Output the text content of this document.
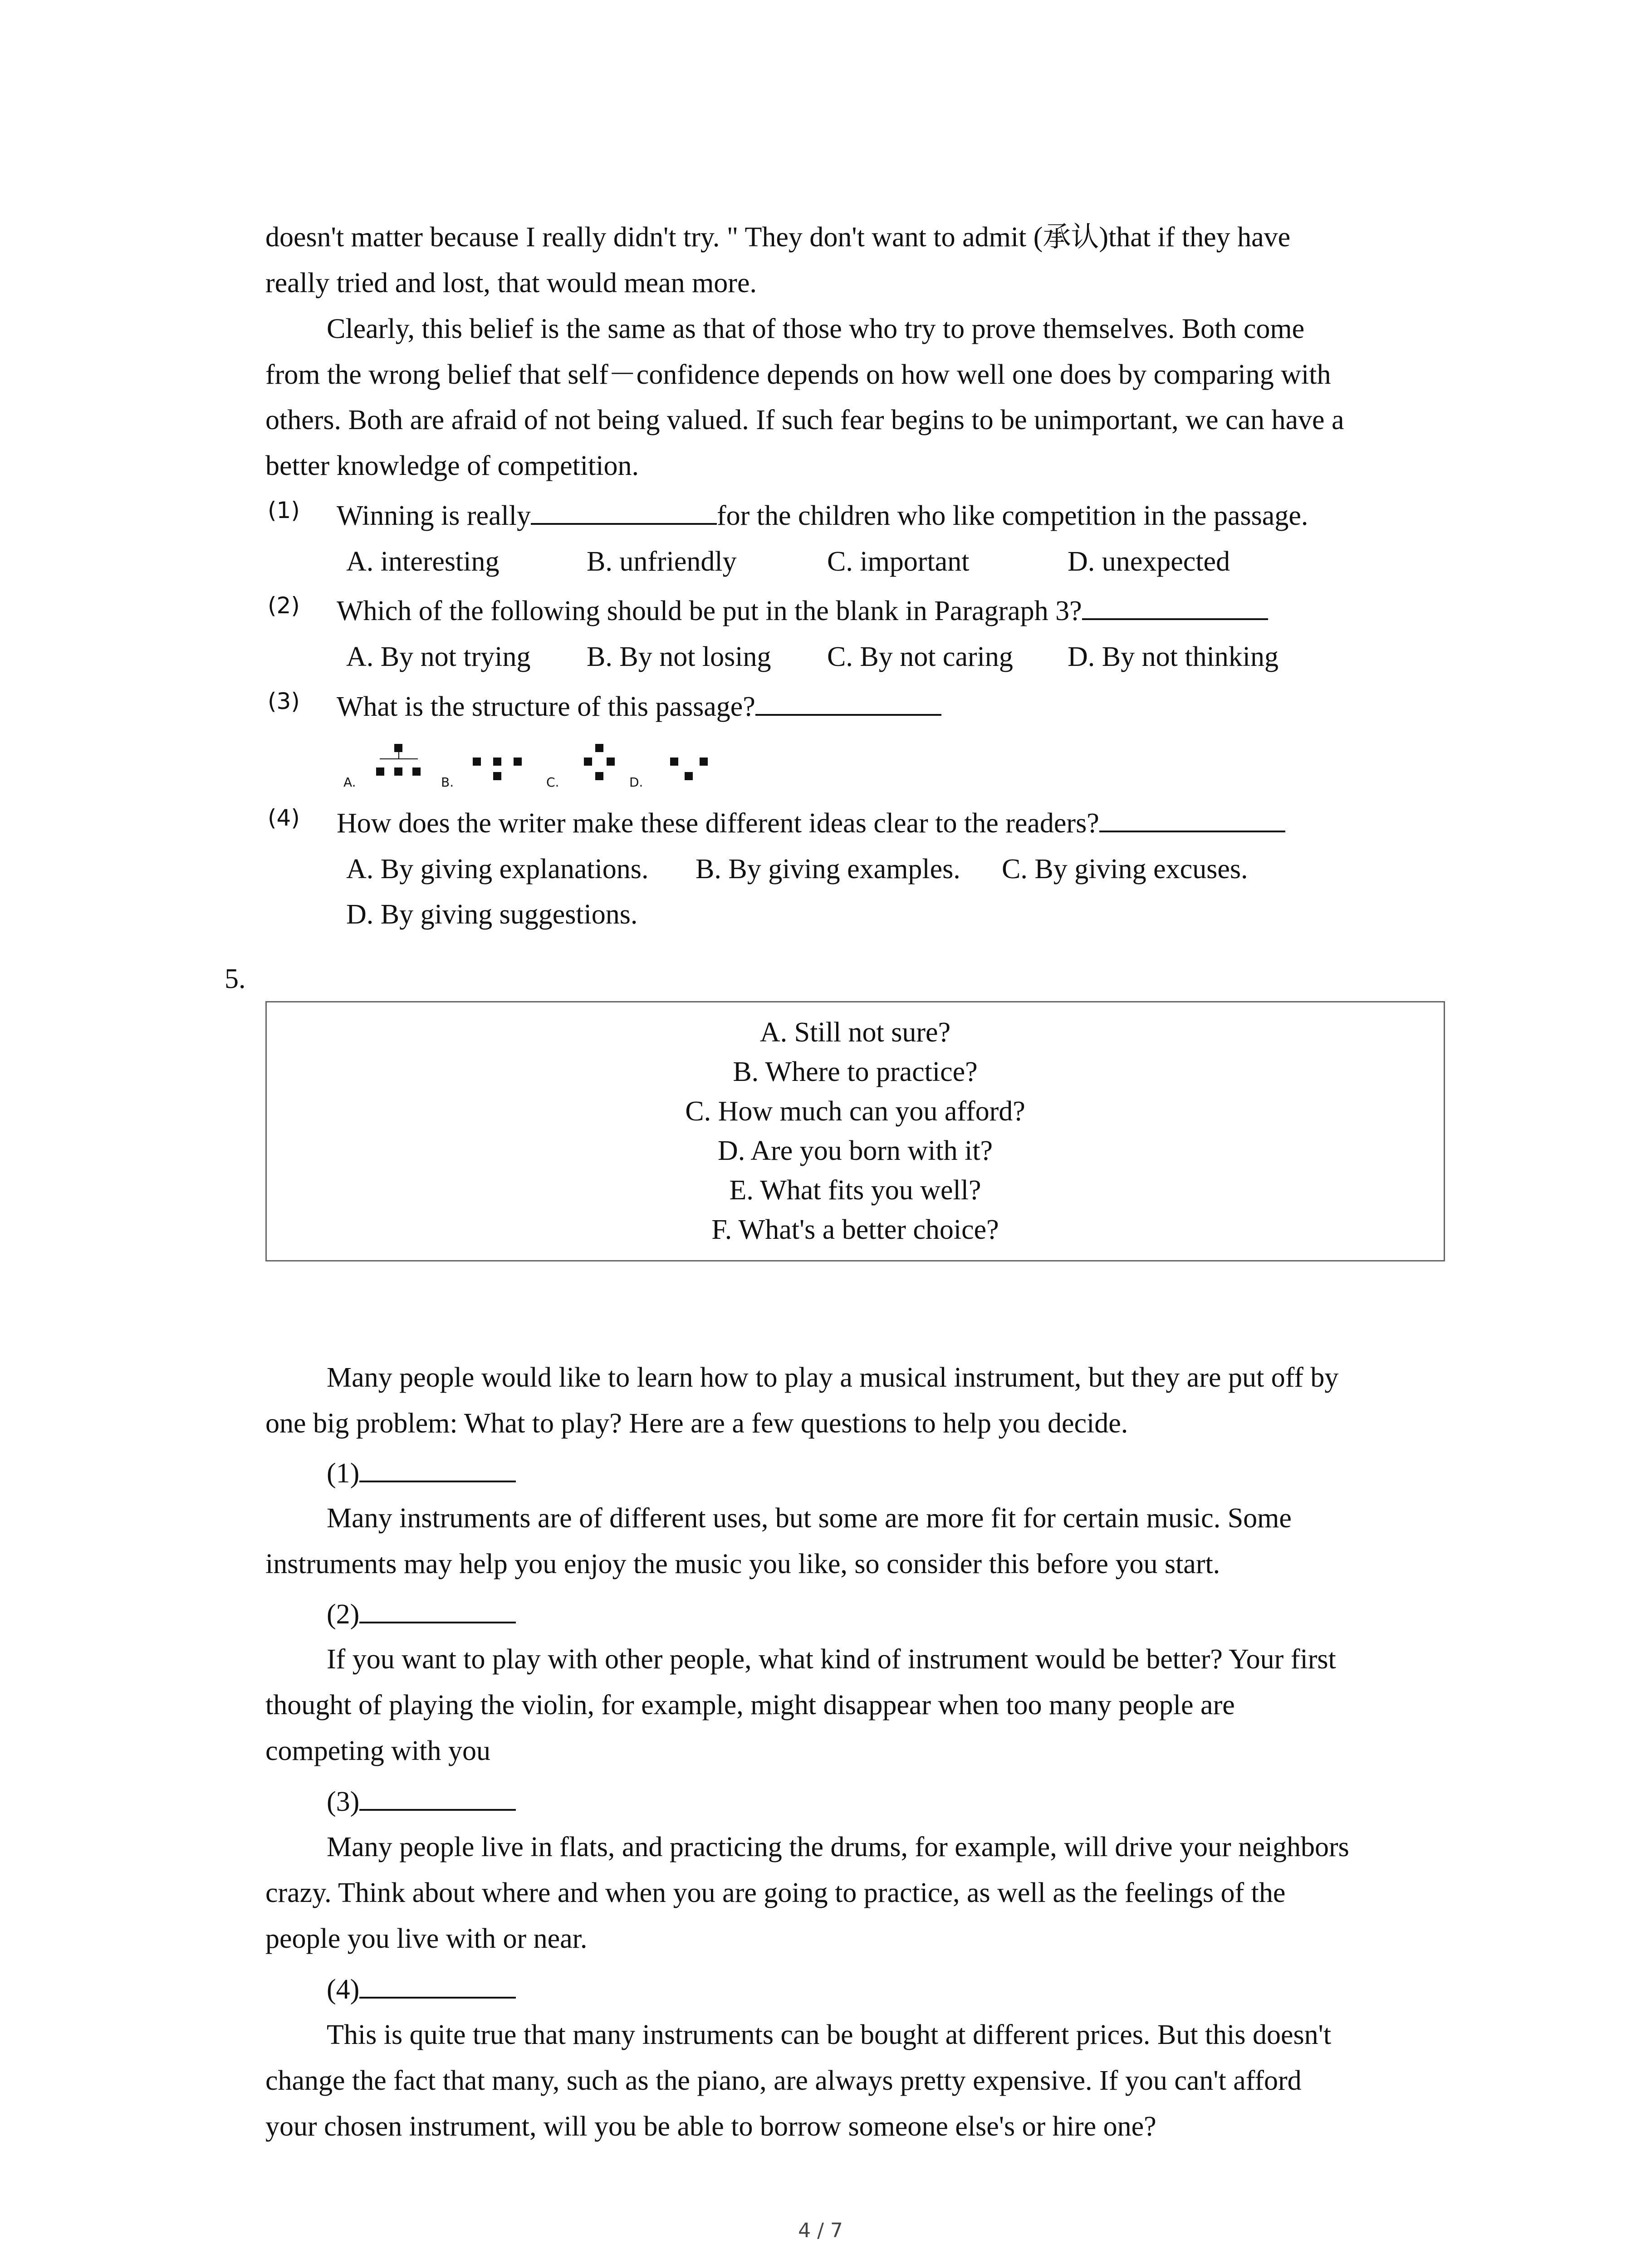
doesn't matter because I really didn't try. " They don't want to admit (承认)that if they have
really tried and lost, that would mean more.
Clearly, this belief is the same as that of those who try to prove themselves. Both come
from the wrong belief that self－confidence depends on how well one does by comparing with
others. Both are afraid of not being valued. If such fear begins to be unimportant, we can have a
better knowledge of competition.
(1) Winning is really	for the children who like competition in the passage.
A. interesting	B. unfriendly	C. important	D. unexpected
(2) Which of the following should be put in the blank in Paragraph 3?
A. By not trying B. By not losing C. By not caring D. By not thinking
(3) What is the structure of this passage?
A.	B.	C.	D.
(4) How does the writer make these different ideas clear to the readers?
A. By giving explanations. B. By giving examples. C. By giving excuses.
D. By giving suggestions.
5.
A. Still not sure?
B. Where to practice?
C. How much can you afford?
D. Are you born with it?
E. What fits you well?
F. What's a better choice?
Many people would like to learn how to play a musical instrument, but they are put off by
one big problem: What to play? Here are a few questions to help you decide.
(1)
Many instruments are of different uses, but some are more fit for certain music. Some
instruments may help you enjoy the music you like, so consider this before you start.
(2)
If you want to play with other people, what kind of instrument would be better? Your first
thought of playing the violin, for example, might disappear when too many people are
competing with you
(3)
Many people live in flats, and practicing the drums, for example, will drive your neighbors
crazy. Think about where and when you are going to practice, as well as the feelings of the
people you live with or near.
(4)
This is quite true that many instruments can be bought at different prices. But this doesn't
change the fact that many, such as the piano, are always pretty expensive. If you can't afford
your chosen instrument, will you be able to borrow someone else's or hire one?
4 / 7
